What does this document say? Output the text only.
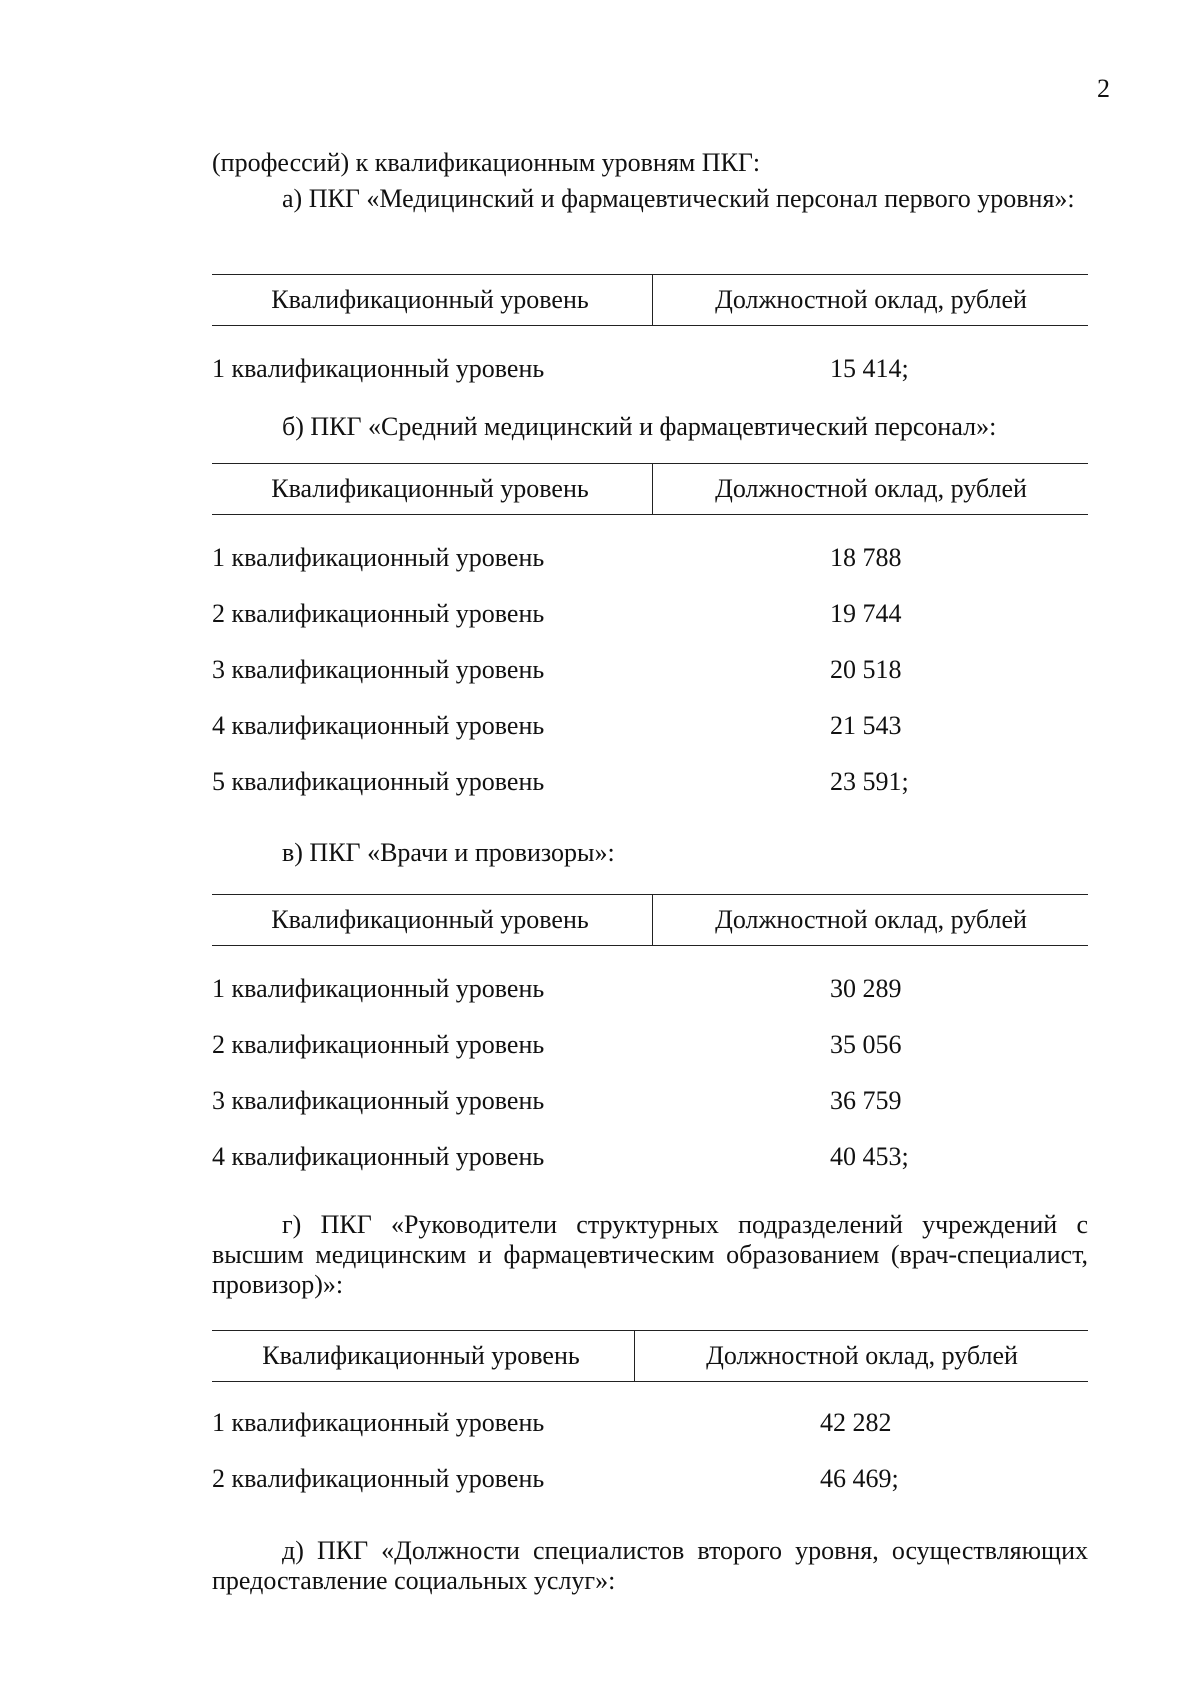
2
(профессий) к квалификационным уровням ПКГ:
а) ПКГ «Медицинский и фармацевтический персонал первого уровня»:
Квалификационный уровень	Должностной оклад, рублей
1 квалификационный уровень	15 414;
б) ПКГ «Средний медицинский и фармацевтический персонал»:
Квалификационный уровень	Должностной оклад, рублей
1 квалификационный уровень	18 788
2 квалификационный уровень	19 744
3 квалификационный уровень	20 518
4 квалификационный уровень	21 543
5 квалификационный уровень	23 591;
в) ПКГ «Врачи и провизоры»:
Квалификационный уровень	Должностной оклад, рублей
1 квалификационный уровень	30 289
2 квалификационный уровень	35 056
3 квалификационный уровень	36 759
4 квалификационный уровень	40 453;
г) ПКГ «Руководители структурных подразделений учреждений с высшим медицинским и фармацевтическим образованием (врач-специалист, провизор)»:
Квалификационный уровень	Должностной оклад, рублей
1 квалификационный уровень	42 282
2 квалификационный уровень	46 469;
д) ПКГ «Должности специалистов второго уровня, осуществляющих предоставление социальных услуг»:
